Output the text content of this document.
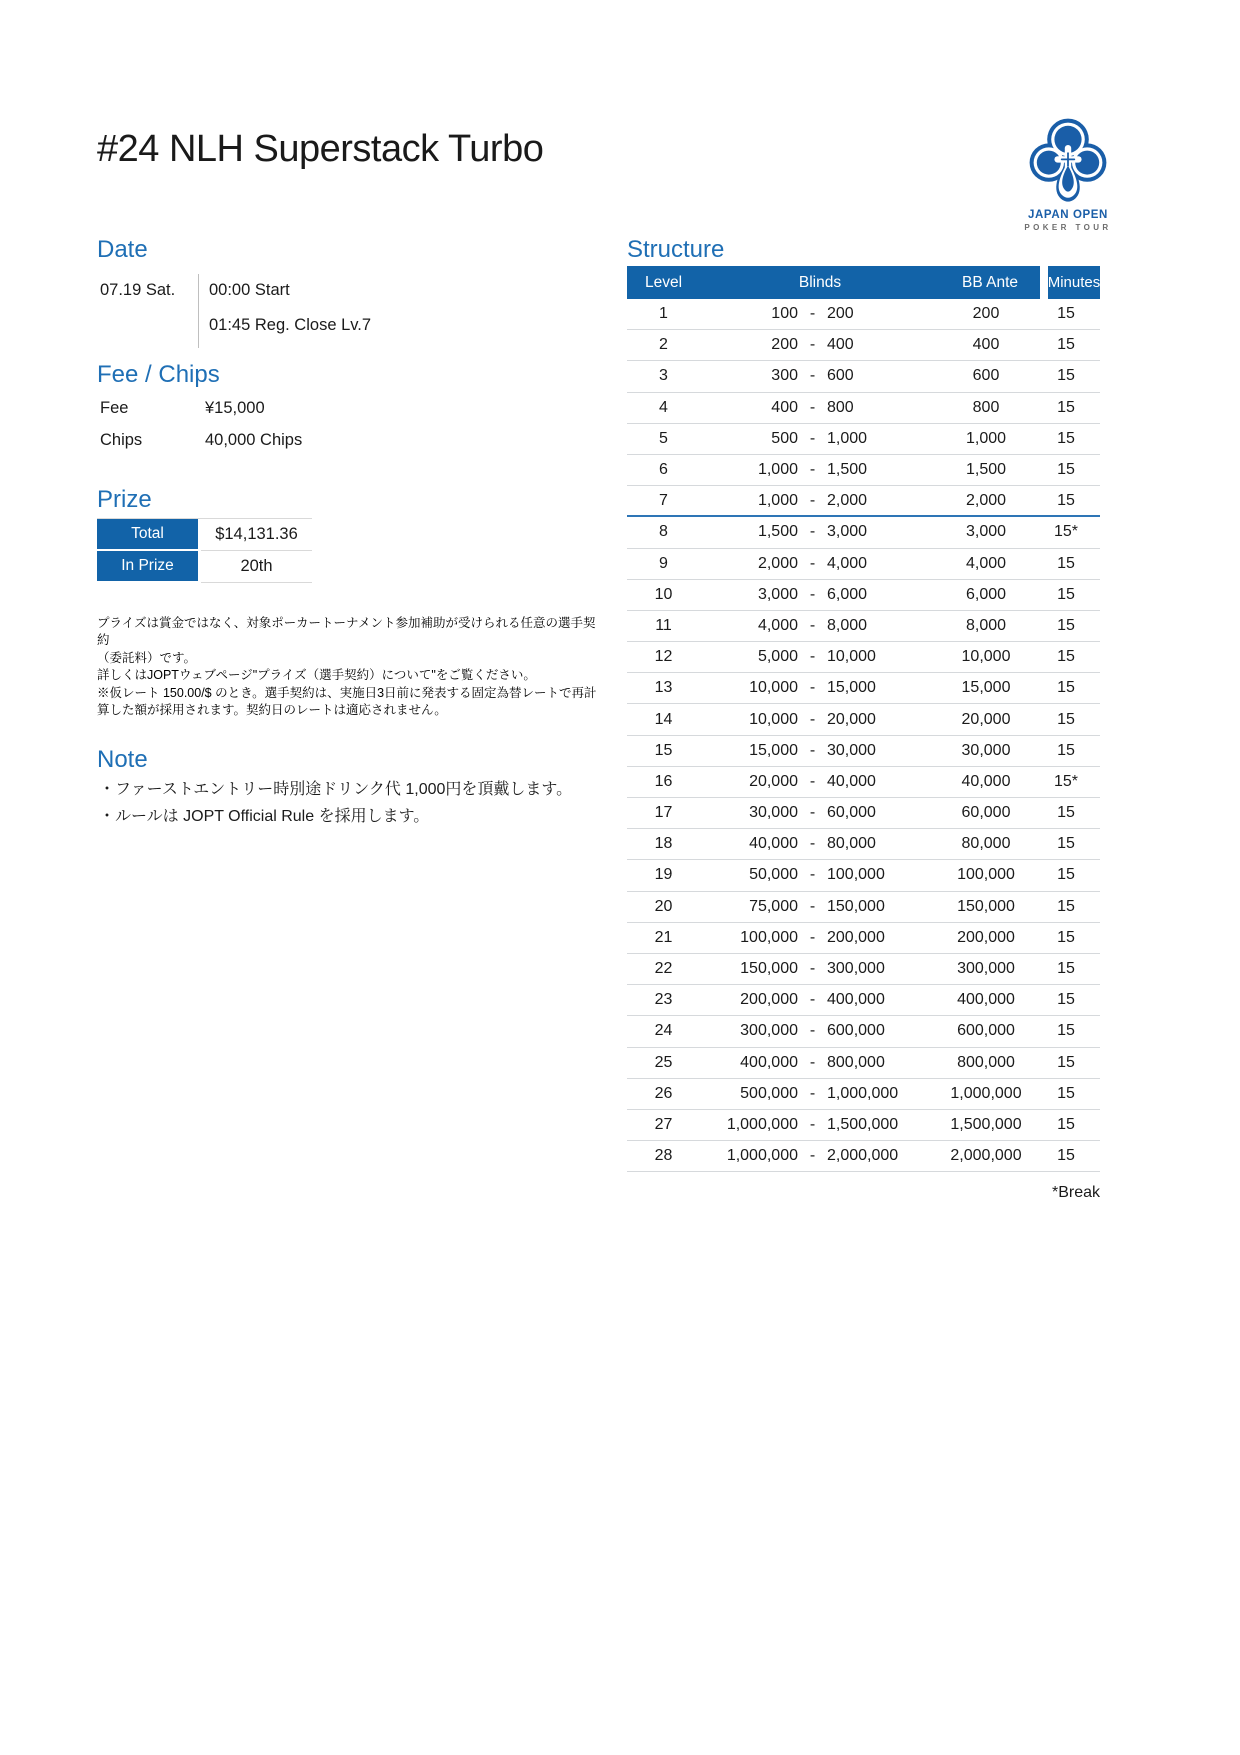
#24 NLH Superstack Turbo
JAPAN OPEN
POKER TOUR
Date
07.19 Sat. 00:00 Start
01:45 Reg. Close Lv.7
Fee / Chips
Fee	¥15,000
Chips	40,000 Chips
Prize
Total	$14,131.36
In Prize	20th
プライズは賞金ではなく、対象ポーカートーナメント参加補助が受けられる任意の選手契約
（委託料）です。
詳しくはJOPTウェブページ"プライズ（選手契約）について"をご覧ください。
※仮レート 150.00/$ のとき。選手契約は、実施日3日前に発表する固定為替レートで再計
算した額が採用されます。契約日のレートは適応されません。
Note
・ファーストエントリー時別途ドリンク代 1,000円を頂戴します。
・ルールは JOPT Official Rule を採用します。
Structure
Level	Blinds	BB Ante	Minutes
1	100 - 200	200	15
2	200 - 400	400	15
3	300 - 600	600	15
4	400 - 800	800	15
5	500 - 1,000	1,000	15
6	1,000 - 1,500	1,500	15
7	1,000 - 2,000	2,000	15
8	1,500 - 3,000	3,000	15*
9	2,000 - 4,000	4,000	15
10	3,000 - 6,000	6,000	15
11	4,000 - 8,000	8,000	15
12	5,000 - 10,000	10,000	15
13	10,000 - 15,000	15,000	15
14	10,000 - 20,000	20,000	15
15	15,000 - 30,000	30,000	15
16	20,000 - 40,000	40,000	15*
17	30,000 - 60,000	60,000	15
18	40,000 - 80,000	80,000	15
19	50,000 - 100,000	100,000	15
20	75,000 - 150,000	150,000	15
21	100,000 - 200,000	200,000	15
22	150,000 - 300,000	300,000	15
23	200,000 - 400,000	400,000	15
24	300,000 - 600,000	600,000	15
25	400,000 - 800,000	800,000	15
26	500,000 - 1,000,000	1,000,000	15
27	1,000,000 - 1,500,000	1,500,000	15
28	1,000,000 - 2,000,000	2,000,000	15
*Break
